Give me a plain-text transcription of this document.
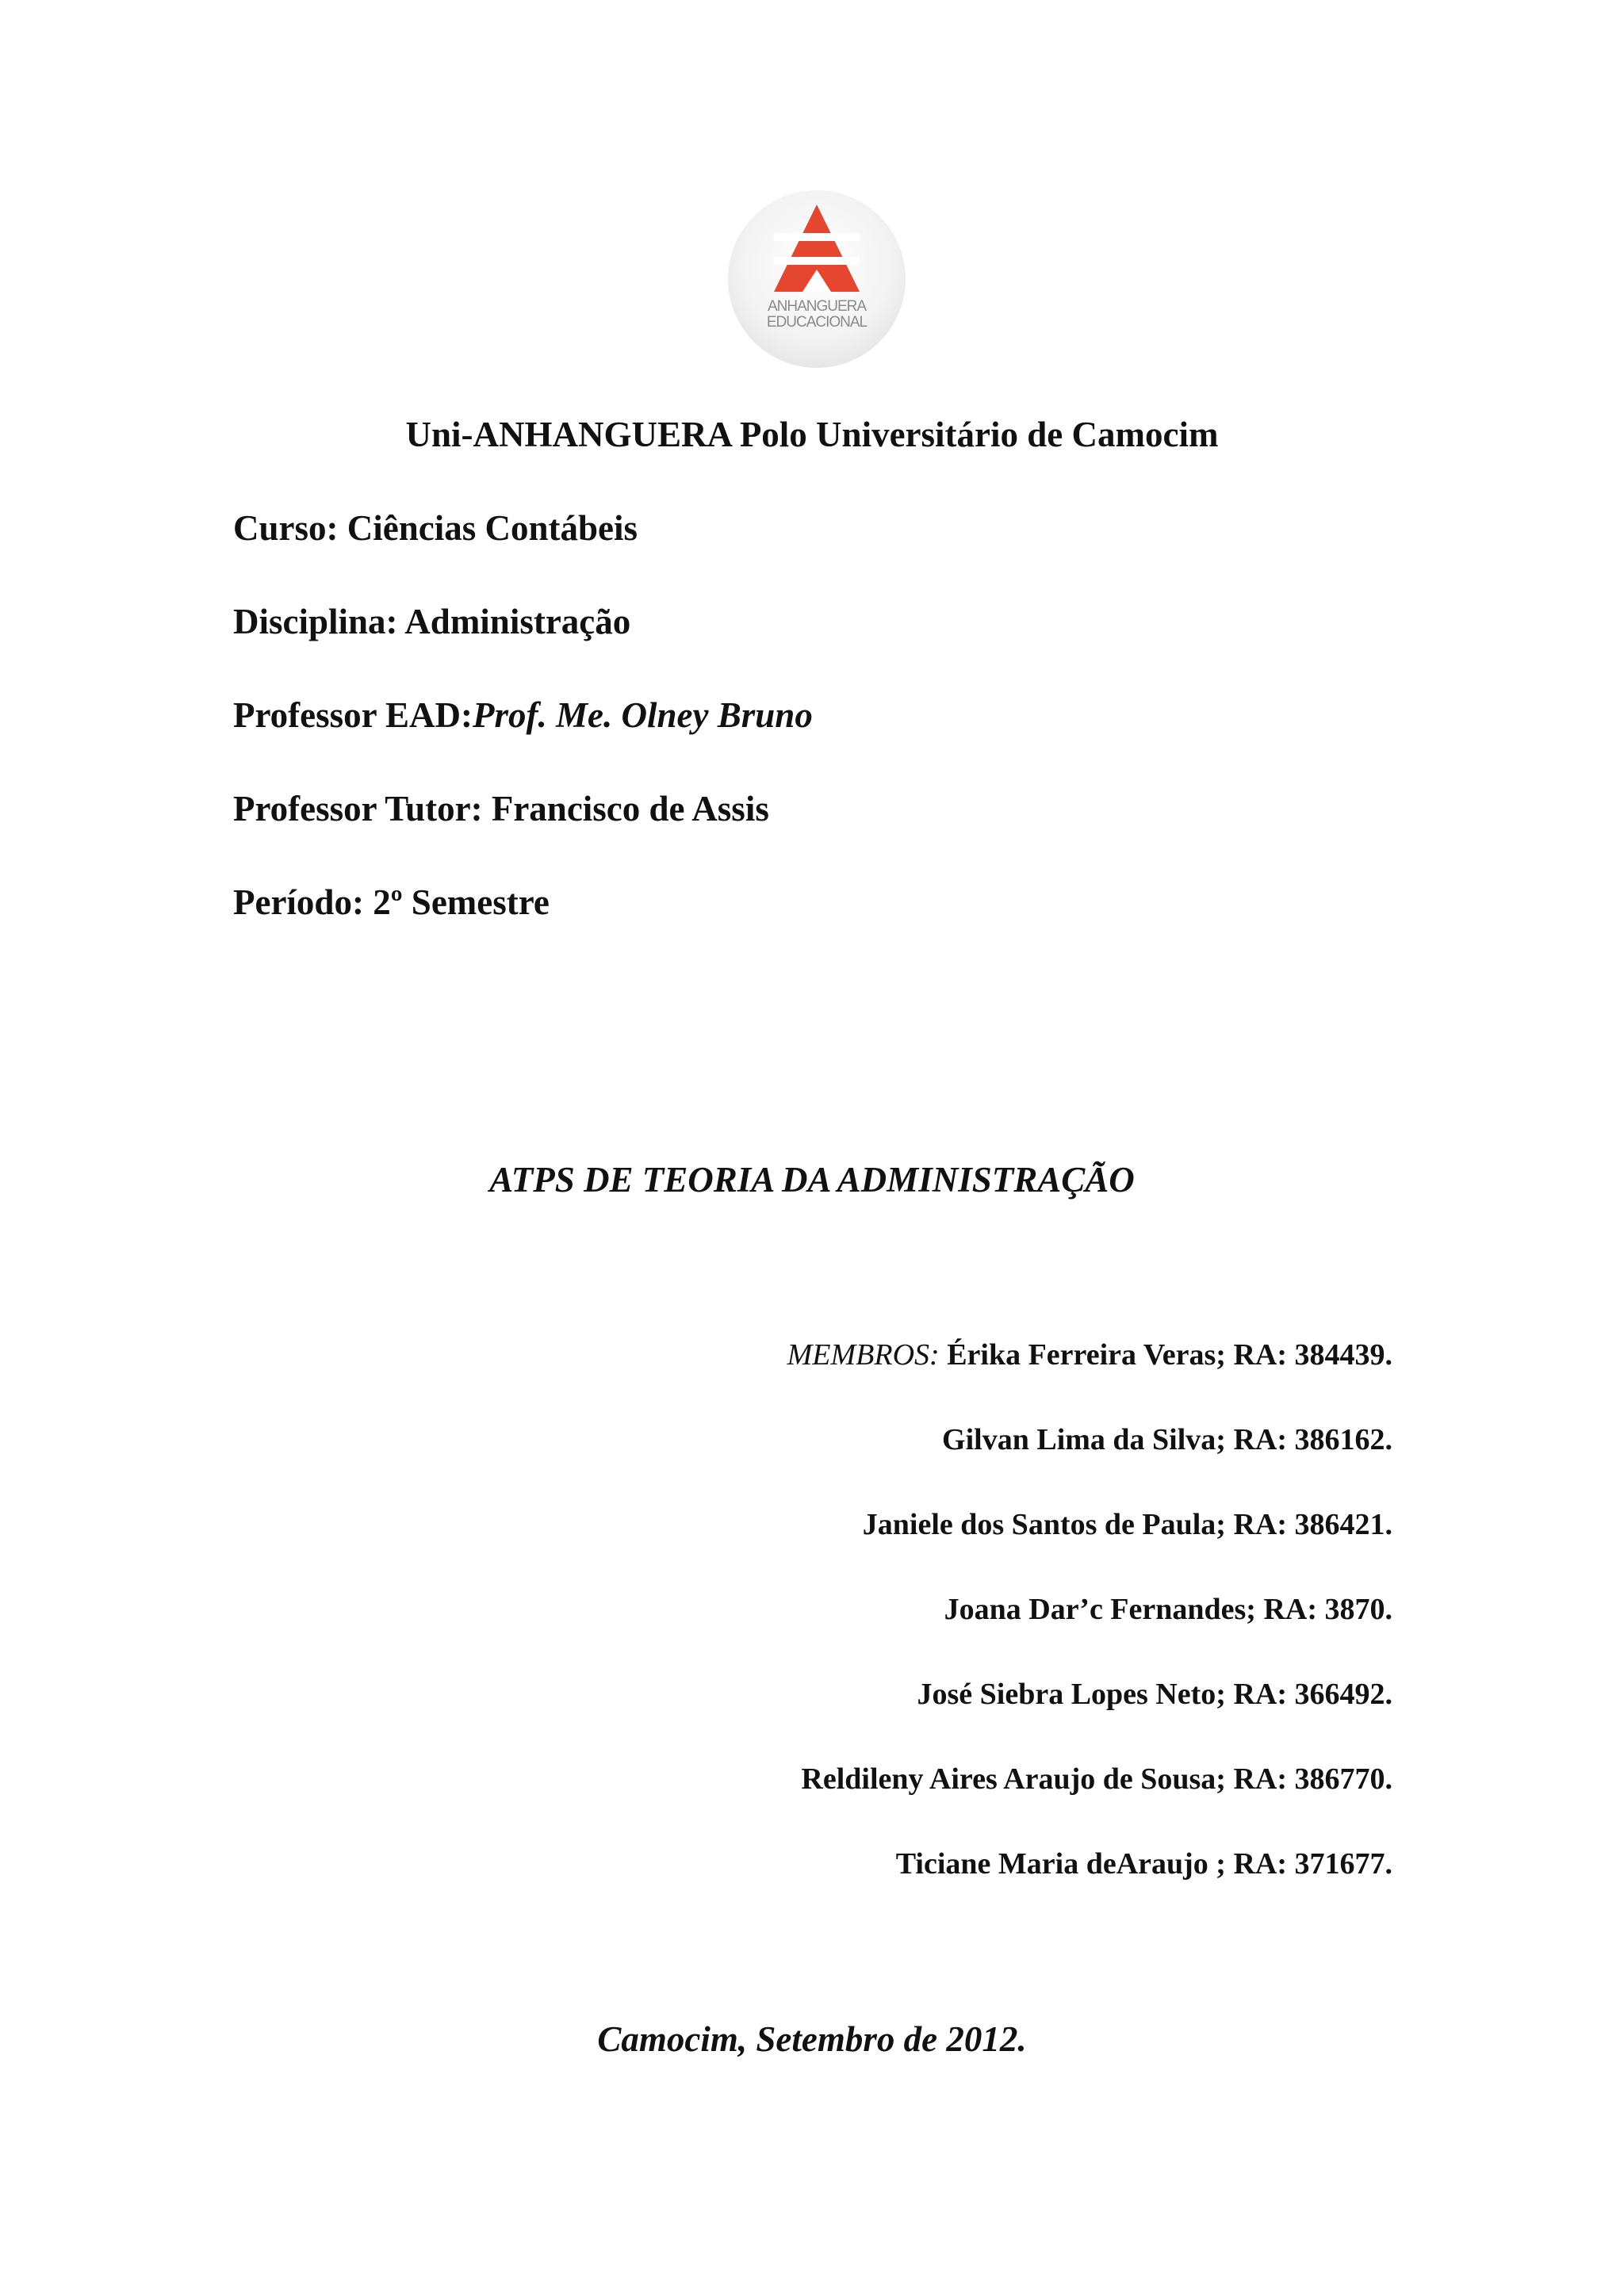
ANHANGUERA
EDUCACIONAL
Uni-ANHANGUERA Polo Universitário de Camocim
Curso: Ciências Contábeis
Disciplina: Administração
Professor EAD:Prof. Me. Olney Bruno
Professor Tutor: Francisco de Assis
Período: 2º Semestre
ATPS DE TEORIA DA ADMINISTRAÇÃO
MEMBROS: Érika Ferreira Veras; RA: 384439.
Gilvan Lima da Silva; RA: 386162.
Janiele dos Santos de Paula; RA: 386421.
Joana Dar’c Fernandes; RA: 3870.
José Siebra Lopes Neto; RA: 366492.
Reldileny Aires Araujo de Sousa; RA: 386770.
Ticiane Maria deAraujo ; RA: 371677.
Camocim, Setembro de 2012.
